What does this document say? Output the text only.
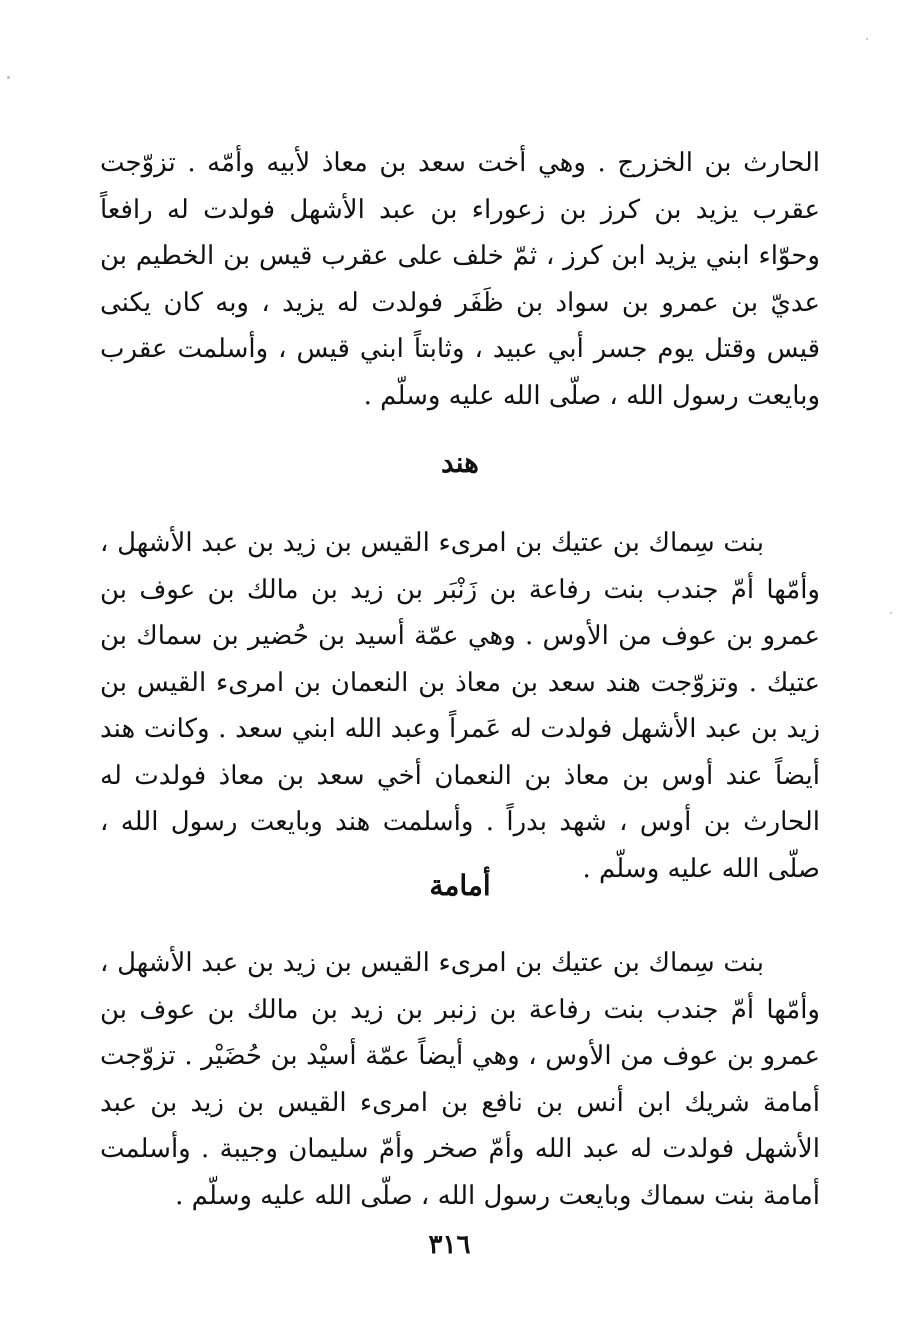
الحارث بن الخزرج . وهي أخت سعد بن معاذ لأبيه وأمّه . تزوّجت عقرب يزيد بن كرز بن زعوراء بن عبد الأشهل فولدت له رافعاً وحوّاء ابني يزيد ابن كرز ، ثمّ خلف على عقرب قيس بن الخطيم بن عديّ بن عمرو بن سواد بن ظَفَر فولدت له يزيد ، وبه كان يكنى قيس وقتل يوم جسر أبي عبيد ، وثابتاً ابني قيس ، وأسلمت عقرب وبايعت رسول الله ، صلّى الله عليه وسلّم .

هند

بنت سِماك بن عتيك بن امرىء القيس بن زيد بن عبد الأشهل ، وأمّها أمّ جندب بنت رفاعة بن زَنْبَر بن زيد بن مالك بن عوف بن عمرو بن عوف من الأوس . وهي عمّة أسيد بن حُضير بن سماك بن عتيك . وتزوّجت هند سعد بن معاذ بن النعمان بن امرىء القيس بن زيد بن عبد الأشهل فولدت له عَمراً وعبد الله ابني سعد . وكانت هند أيضاً عند أوس بن معاذ بن النعمان أخي سعد بن معاذ فولدت له الحارث بن أوس ، شهد بدراً . وأسلمت هند وبايعت رسول الله ، صلّى الله عليه وسلّم .

أمامة

بنت سِماك بن عتيك بن امرىء القيس بن زيد بن عبد الأشهل ، وأمّها أمّ جندب بنت رفاعة بن زنبر بن زيد بن مالك بن عوف بن عمرو بن عوف من الأوس ، وهي أيضاً عمّة أسيْد بن حُضَيْر . تزوّجت أمامة شريك ابن أنس بن نافع بن امرىء القيس بن زيد بن عبد الأشهل فولدت له عبد الله وأمّ صخر وأمّ سليمان وجيبة . وأسلمت أمامة بنت سماك وبايعت رسول الله ، صلّى الله عليه وسلّم .

٣١٦
